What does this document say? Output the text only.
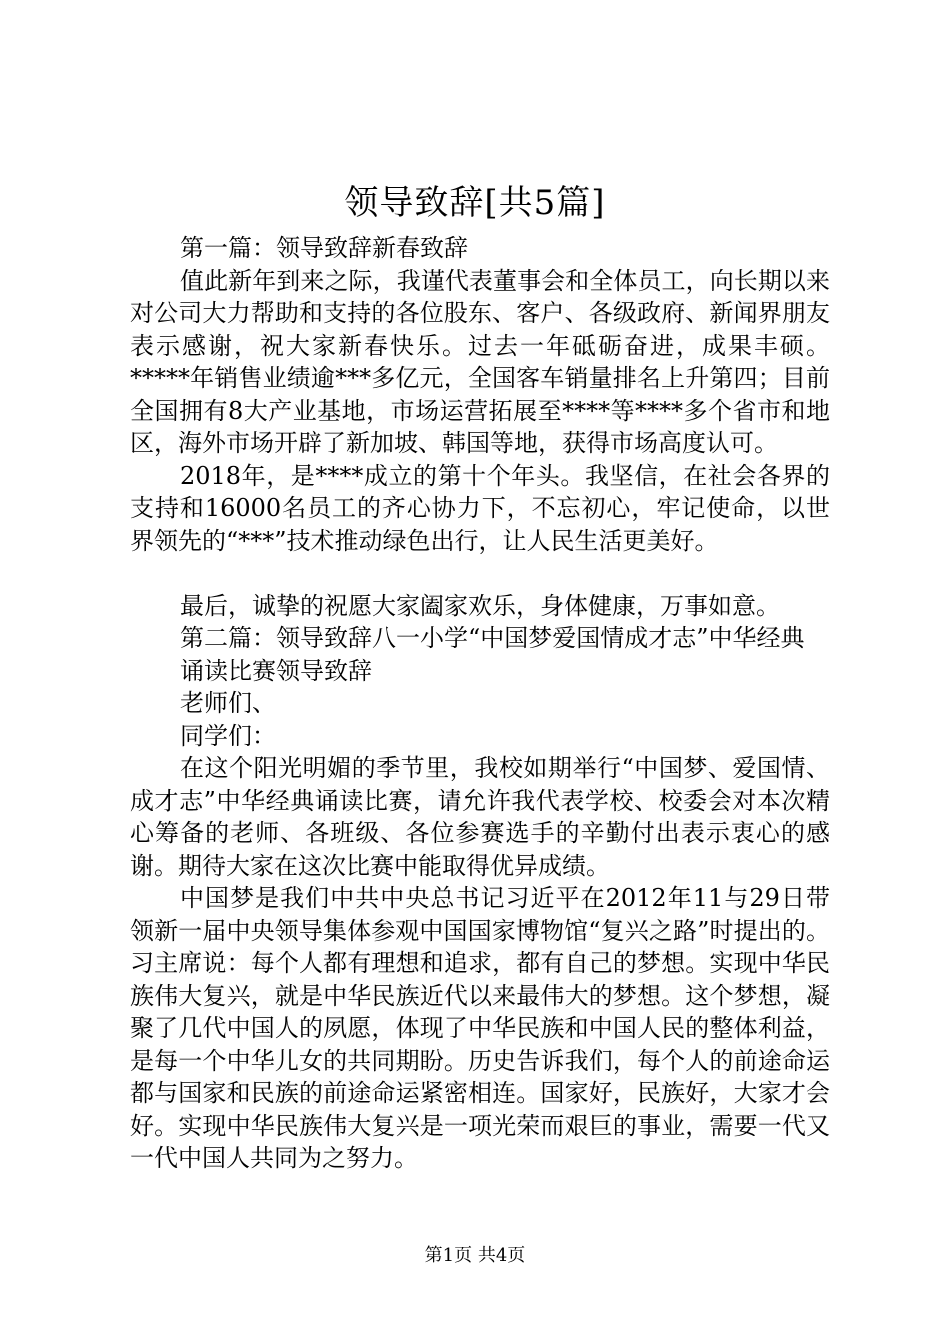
领导致辞[共5篇]

第一篇：领导致辞新春致辞

值此新年到来之际，我谨代表董事会和全体员工，向长期以来对公司大力帮助和支持的各位股东、客户、各级政府、新闻界朋友表示感谢，祝大家新春快乐。过去一年砥砺奋进，成果丰硕。*****年销售业绩逾***多亿元，全国客车销量排名上升第四；目前全国拥有8大产业基地，市场运营拓展至****等****多个省市和地区，海外市场开辟了新加坡、韩国等地，获得市场高度认可。

2018年，是****成立的第十个年头。我坚信，在社会各界的支持和16000名员工的齐心协力下，不忘初心，牢记使命，以世界领先的“***”技术推动绿色出行，让人民生活更美好。

最后，诚挚的祝愿大家阖家欢乐，身体健康，万事如意。

第二篇：领导致辞八一小学“中国梦爱国情成才志”中华经典

诵读比赛领导致辞

老师们、

同学们：

在这个阳光明媚的季节里，我校如期举行“中国梦、爱国情、成才志”中华经典诵读比赛，请允许我代表学校、校委会对本次精心筹备的老师、各班级、各位参赛选手的辛勤付出表示衷心的感谢。期待大家在这次比赛中能取得优异成绩。

中国梦是我们中共中央总书记习近平在2012年11与29日带领新一届中央领导集体参观中国国家博物馆“复兴之路”时提出的。习主席说：每个人都有理想和追求，都有自己的梦想。实现中华民族伟大复兴，就是中华民族近代以来最伟大的梦想。这个梦想，凝聚了几代中国人的夙愿，体现了中华民族和中国人民的整体利益，是每一个中华儿女的共同期盼。历史告诉我们，每个人的前途命运都与国家和民族的前途命运紧密相连。国家好，民族好，大家才会好。实现中华民族伟大复兴是一项光荣而艰巨的事业，需要一代又一代中国人共同为之努力。

第1页 共4页
